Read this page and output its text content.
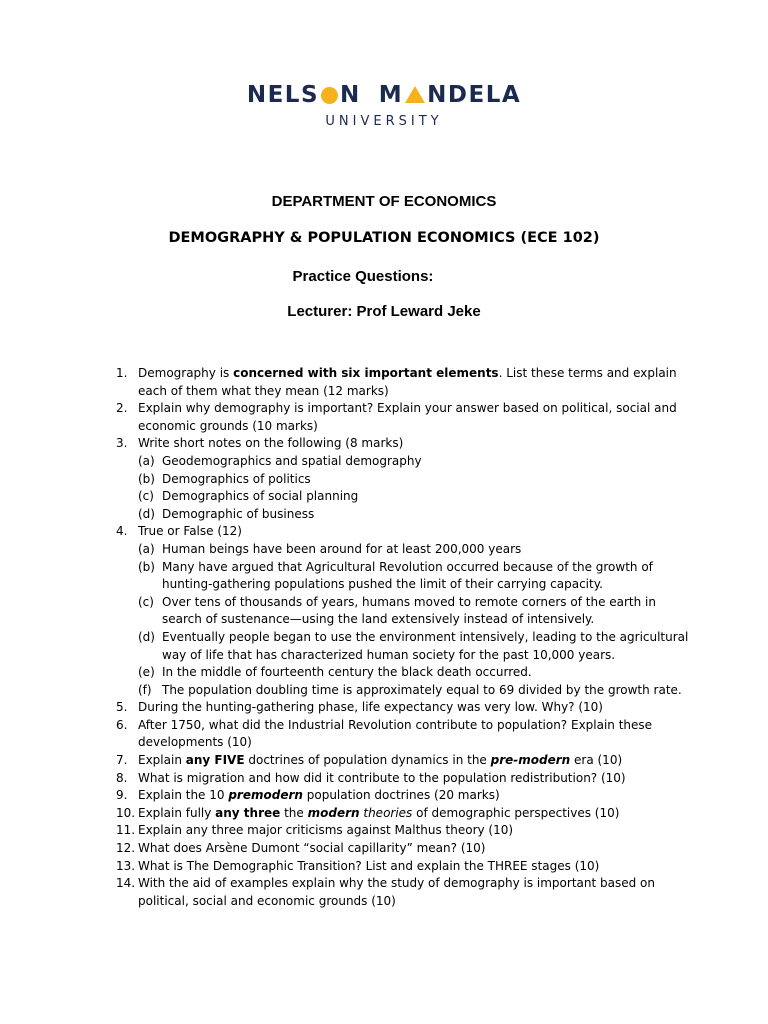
NELS N M NDELA
UNIVERSITY
DEPARTMENT OF ECONOMICS
DEMOGRAPHY & POPULATION ECONOMICS (ECE 102)
Practice Questions:
Lecturer: Prof Leward Jeke
1. Demography is concerned with six important elements. List these terms and explain each of them what they mean (12 marks)
2. Explain why demography is important? Explain your answer based on political, social and economic grounds (10 marks)
3. Write short notes on the following (8 marks)
(a) Geodemographics and spatial demography
(b) Demographics of politics
(c) Demographics of social planning
(d) Demographic of business
4. True or False (12)
(a) Human beings have been around for at least 200,000 years
(b) Many have argued that Agricultural Revolution occurred because of the growth of hunting-gathering populations pushed the limit of their carrying capacity.
(c) Over tens of thousands of years, humans moved to remote corners of the earth in search of sustenance—using the land extensively instead of intensively.
(d) Eventually people began to use the environment intensively, leading to the agricultural way of life that has characterized human society for the past 10,000 years.
(e) In the middle of fourteenth century the black death occurred.
(f) The population doubling time is approximately equal to 69 divided by the growth rate.
5. During the hunting-gathering phase, life expectancy was very low. Why? (10)
6. After 1750, what did the Industrial Revolution contribute to population? Explain these developments (10)
7. Explain any FIVE doctrines of population dynamics in the pre-modern era (10)
8. What is migration and how did it contribute to the population redistribution? (10)
9. Explain the 10 premodern population doctrines (20 marks)
10. Explain fully any three the modern theories of demographic perspectives (10)
11. Explain any three major criticisms against Malthus theory (10)
12. What does Arsène Dumont “social capillarity” mean? (10)
13. What is The Demographic Transition? List and explain the THREE stages (10)
14. With the aid of examples explain why the study of demography is important based on political, social and economic grounds (10)
